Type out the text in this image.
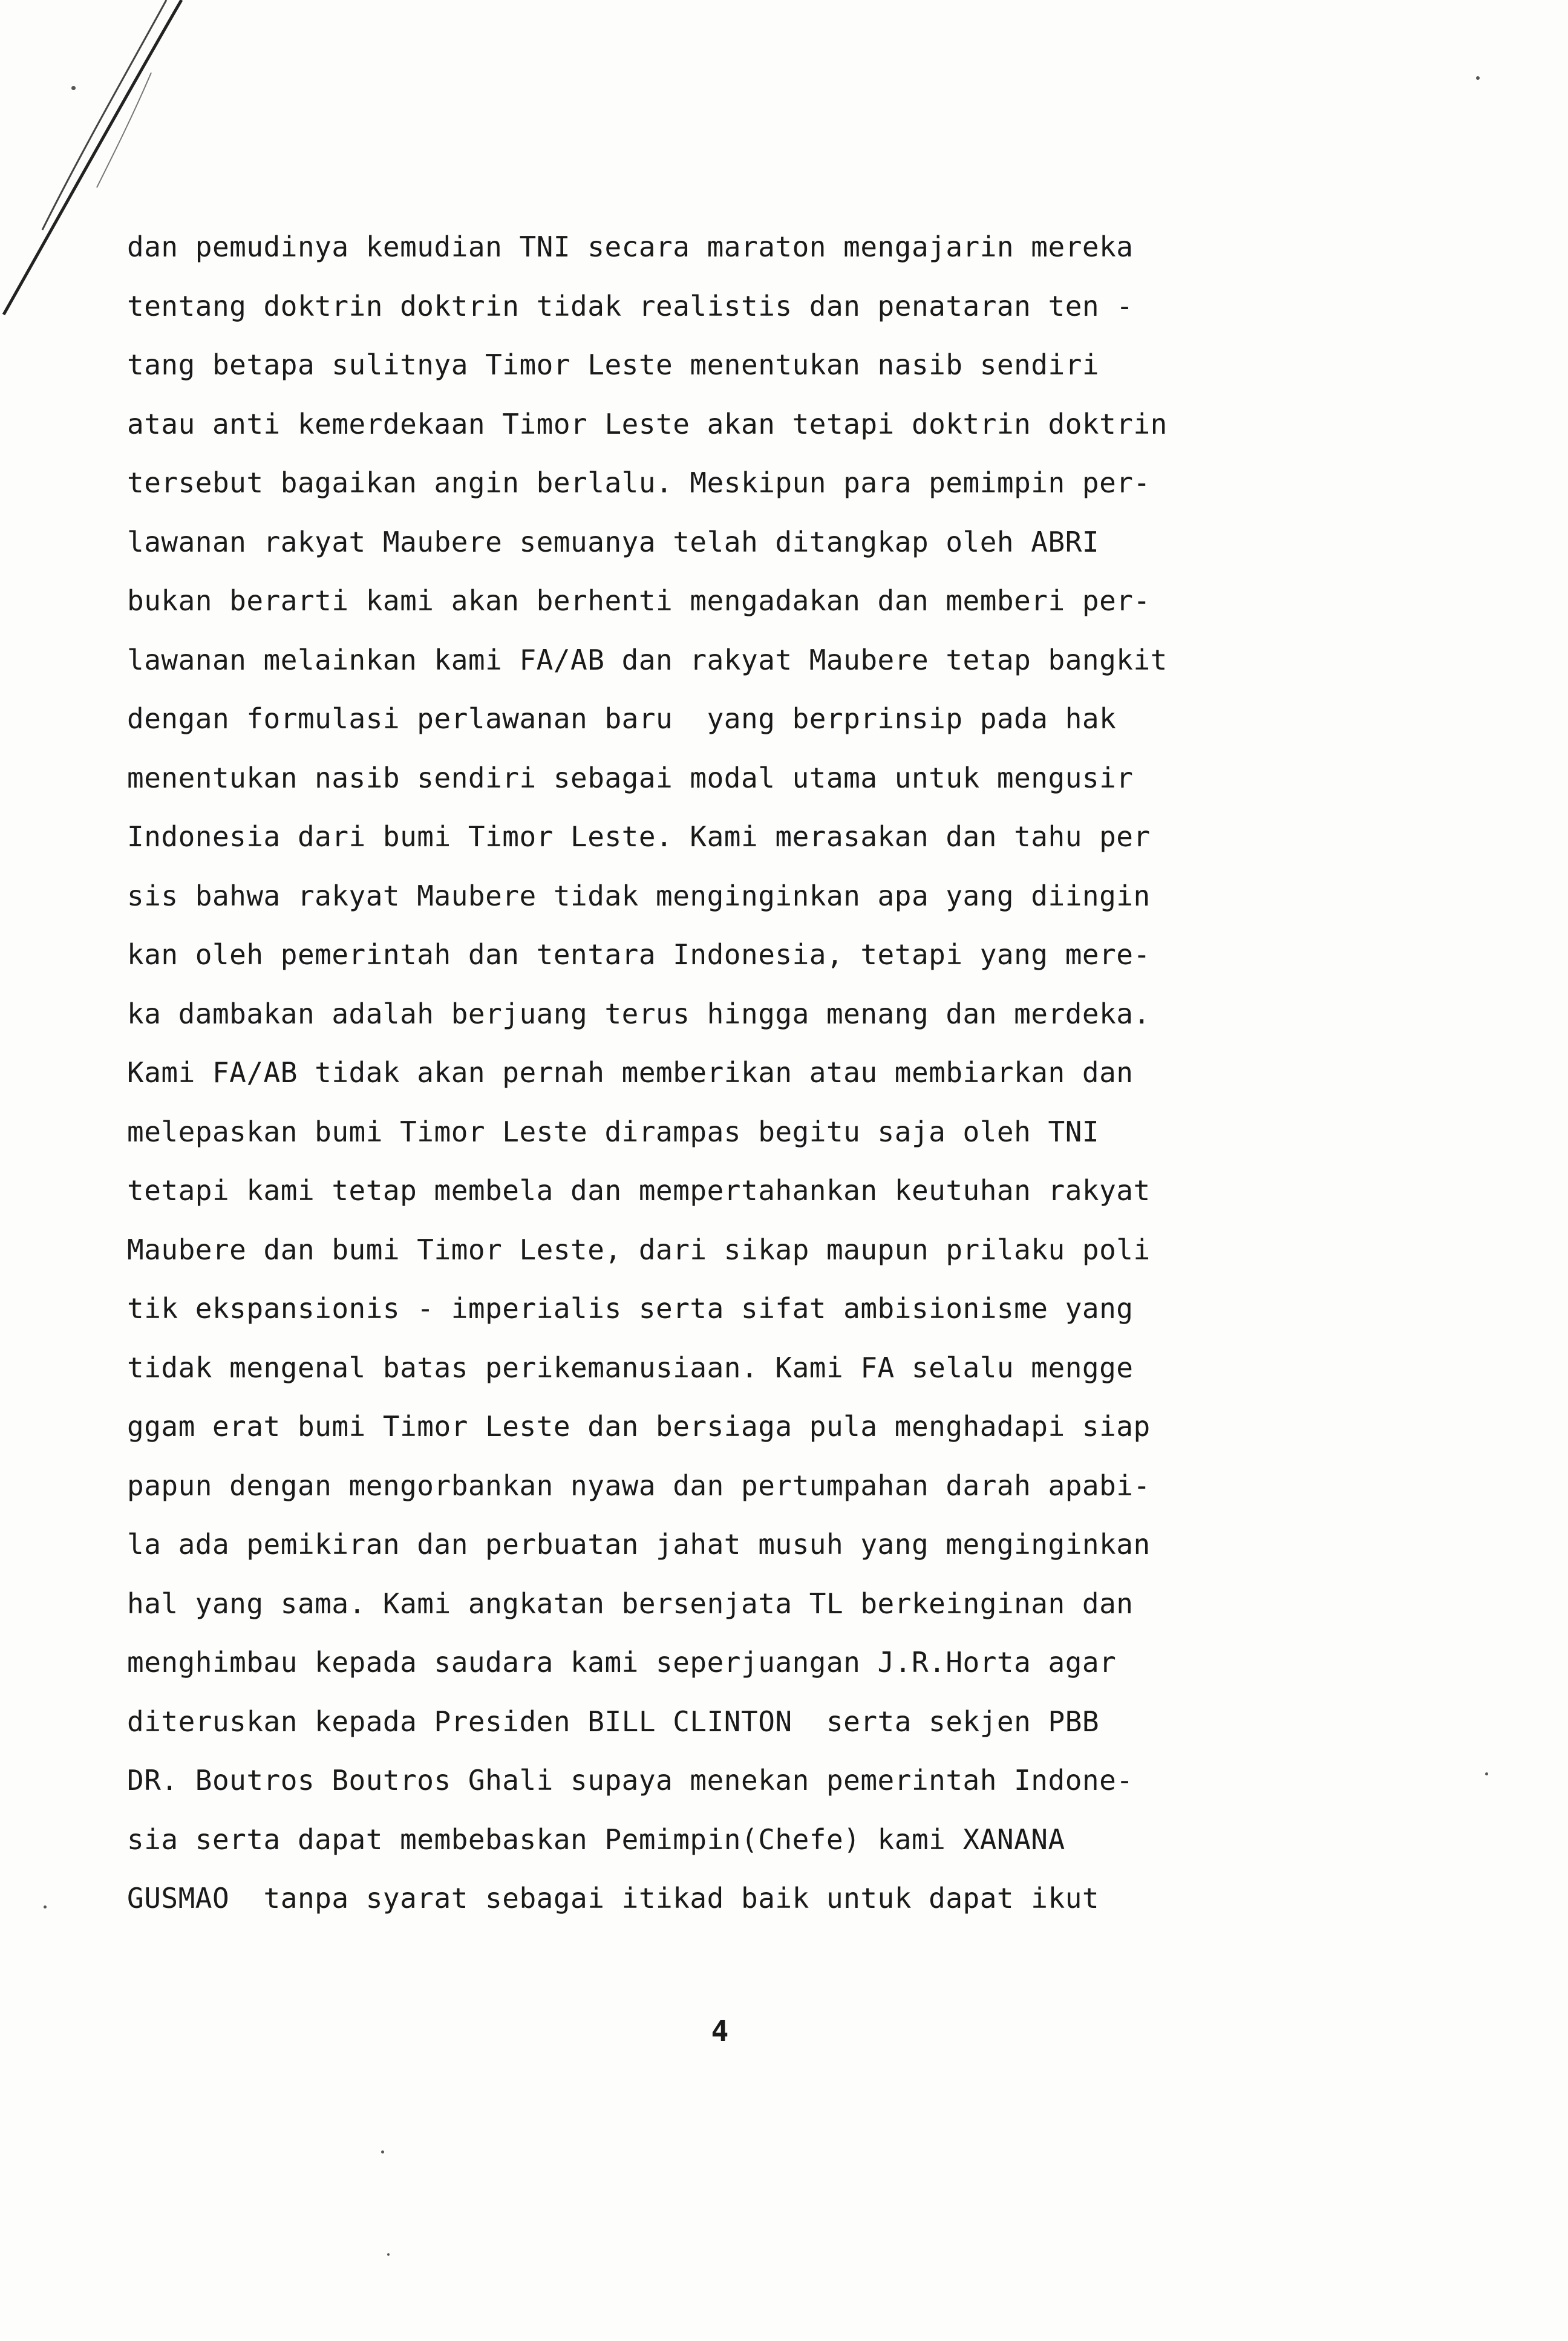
dan pemudinya kemudian TNI secara maraton mengajarin mereka
tentang doktrin doktrin tidak realistis dan penataran ten -
tang betapa sulitnya Timor Leste menentukan nasib sendiri
atau anti kemerdekaan Timor Leste akan tetapi doktrin doktrin
tersebut bagaikan angin berlalu. Meskipun para pemimpin per-
lawanan rakyat Maubere semuanya telah ditangkap oleh ABRI
bukan berarti kami akan berhenti mengadakan dan memberi per-
lawanan melainkan kami FA/AB dan rakyat Maubere tetap bangkit
dengan formulasi perlawanan baru  yang berprinsip pada hak
menentukan nasib sendiri sebagai modal utama untuk mengusir
Indonesia dari bumi Timor Leste. Kami merasakan dan tahu per
sis bahwa rakyat Maubere tidak menginginkan apa yang diingin
kan oleh pemerintah dan tentara Indonesia, tetapi yang mere-
ka dambakan adalah berjuang terus hingga menang dan merdeka.
Kami FA/AB tidak akan pernah memberikan atau membiarkan dan
melepaskan bumi Timor Leste dirampas begitu saja oleh TNI
tetapi kami tetap membela dan mempertahankan keutuhan rakyat
Maubere dan bumi Timor Leste, dari sikap maupun prilaku poli
tik ekspansionis - imperialis serta sifat ambisionisme yang
tidak mengenal batas perikemanusiaan. Kami FA selalu mengge
ggam erat bumi Timor Leste dan bersiaga pula menghadapi siap
papun dengan mengorbankan nyawa dan pertumpahan darah apabi-
la ada pemikiran dan perbuatan jahat musuh yang menginginkan
hal yang sama. Kami angkatan bersenjata TL berkeinginan dan
menghimbau kepada saudara kami seperjuangan J.R.Horta agar
diteruskan kepada Presiden BILL CLINTON  serta sekjen PBB
DR. Boutros Boutros Ghali supaya menekan pemerintah Indone-
sia serta dapat membebaskan Pemimpin(Chefe) kami XANANA
GUSMAO  tanpa syarat sebagai itikad baik untuk dapat ikut
4
